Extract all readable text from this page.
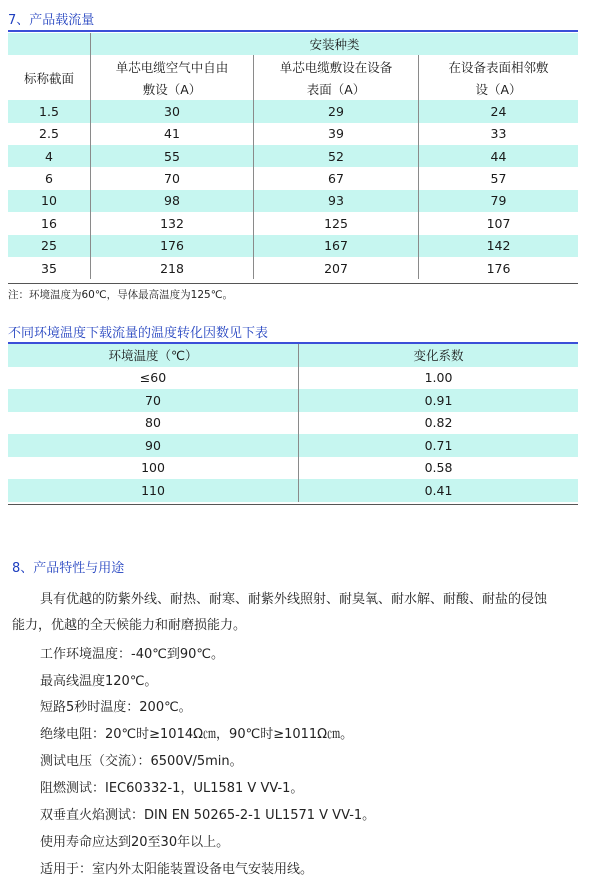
7、产品载流量
	安装种类		
标称截面	单芯电缆空气中自由	单芯电缆敷设在设备	在设备表面相邻敷
	敷设（A）	表面（A）	设（A）
1.5	30	29	24
2.5	41	39	33
4	55	52	44
6	70	67	57
10	98	93	79
16	132	125	107
25	176	167	142
35	218	207	176
注：环境温度为60℃，导体最高温度为125℃。
不同环境温度下载流量的温度转化因数见下表
环境温度（℃）	变化系数
≤60	1.00
70	0.91
80	0.82
90	0.71
100	0.58
110	0.41
8、产品特性与用途
具有优越的防紫外线、耐热、耐寒、耐紫外线照射、耐臭氧、耐水解、耐酸、耐盐的侵蚀
能力，优越的全天候能力和耐磨损能力。
工作环境温度：-40℃到90℃。
最高线温度120℃。
短路5秒时温度：200℃。
绝缘电阻：20℃时≥1014Ω㎝，90℃时≥1011Ω㎝。
测试电压（交流）：6500V/5min。
阻燃测试：IEC60332-1，UL1581 V VV-1。
双垂直火焰测试：DIN EN 50265-2-1 UL1571 V VV-1。
使用寿命应达到20至30年以上。
适用于：室内外太阳能装置设备电气安装用线。
